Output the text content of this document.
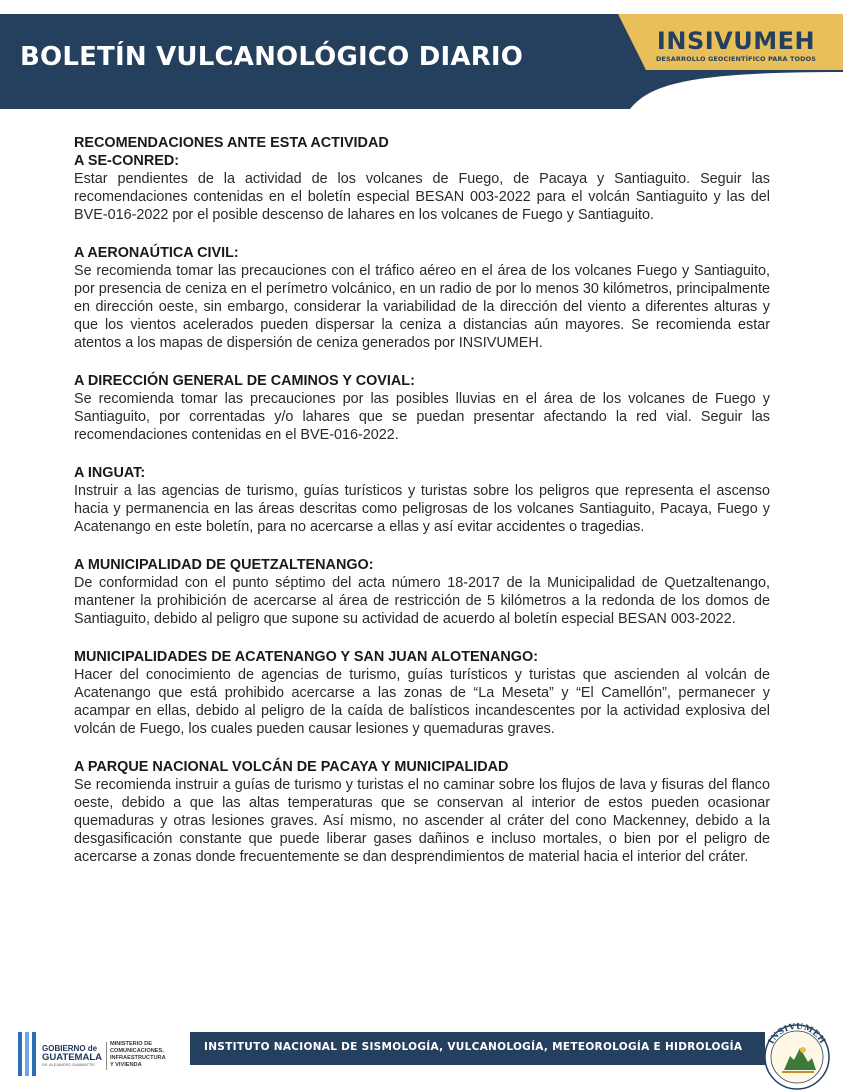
BOLETÍN VULCANOLÓGICO DIARIO
INSIVUMEH
DESARROLLO GEOCIENTÍFICO PARA TODOS
RECOMENDACIONES ANTE ESTA ACTIVIDAD
A SE-CONRED:

Estar pendientes de la actividad de los volcanes de Fuego, de Pacaya y Santiaguito. Seguir las recomendaciones contenidas en el boletín especial BESAN 003-2022 para el volcán Santiaguito y las del BVE-016-2022 por el posible descenso de lahares en los volcanes de Fuego y Santiaguito.

A AERONAÚTICA CIVIL:

Se recomienda tomar las precauciones con el tráfico aéreo en el área de los volcanes Fuego y Santiaguito, por presencia de ceniza en el perímetro volcánico, en un radio de por lo menos 30 kilómetros, principalmente en dirección oeste, sin embargo, considerar la variabilidad de la dirección del viento a diferentes alturas y que los vientos acelerados pueden dispersar la ceniza a distancias aún mayores. Se recomienda estar atentos a los mapas de dispersión de ceniza generados por INSIVUMEH.

A DIRECCIÓN GENERAL DE CAMINOS Y COVIAL:

Se recomienda tomar las precauciones por las posibles lluvias en el área de los volcanes de Fuego y Santiaguito, por correntadas y/o lahares que se puedan presentar afectando la red vial. Seguir las recomendaciones contenidas en el BVE-016-2022.

A INGUAT:

Instruir a las agencias de turismo, guías turísticos y turistas sobre los peligros que representa el ascenso hacia y permanencia en las áreas descritas como peligrosas de los volcanes Santiaguito, Pacaya, Fuego y Acatenango en este boletín, para no acercarse a ellas y así evitar accidentes o tragedias.

A MUNICIPALIDAD DE QUETZALTENANGO:

De conformidad con el punto séptimo del acta número 18-2017 de la Municipalidad de Quetzaltenango, mantener la prohibición de acercarse al área de restricción de 5 kilómetros a la redonda de los domos de Santiaguito, debido al peligro que supone su actividad de acuerdo al boletín especial BESAN 003-2022.

MUNICIPALIDADES DE ACATENANGO Y SAN JUAN ALOTENANGO:

Hacer del conocimiento de agencias de turismo, guías turísticos y turistas que ascienden al volcán de Acatenango que está prohibido acercarse a las zonas de “La Meseta” y “El Camellón”, permanecer y acampar en ellas, debido al peligro de la caída de balísticos incandescentes por la actividad explosiva del volcán de Fuego, los cuales pueden causar lesiones y quemaduras graves.

A PARQUE NACIONAL VOLCÁN DE PACAYA Y MUNICIPALIDAD

Se recomienda instruir a guías de turismo y turistas el no caminar sobre los flujos de lava y fisuras del flanco oeste, debido a que las altas temperaturas que se conservan al interior de estos pueden ocasionar quemaduras y otras lesiones graves. Así mismo, no ascender al cráter del cono Mackenney, debido a la desgasificación constante que puede liberar gases dañinos e incluso mortales, o bien por el peligro de acercarse a zonas donde frecuentemente se dan desprendimientos de material hacia el interior del cráter.

GOBIERNO de
GUATEMALA
DR. ALEJANDRO GIAMMATTEI
MINISTERIO DE
COMUNICACIONES,
INFRAESTRUCTURA
Y VIVIENDA
INSTITUTO NACIONAL DE SISMOLOGÍA, VULCANOLOGÍA, METEOROLOGÍA E HIDROLOGÍA	INSIVUMEH
